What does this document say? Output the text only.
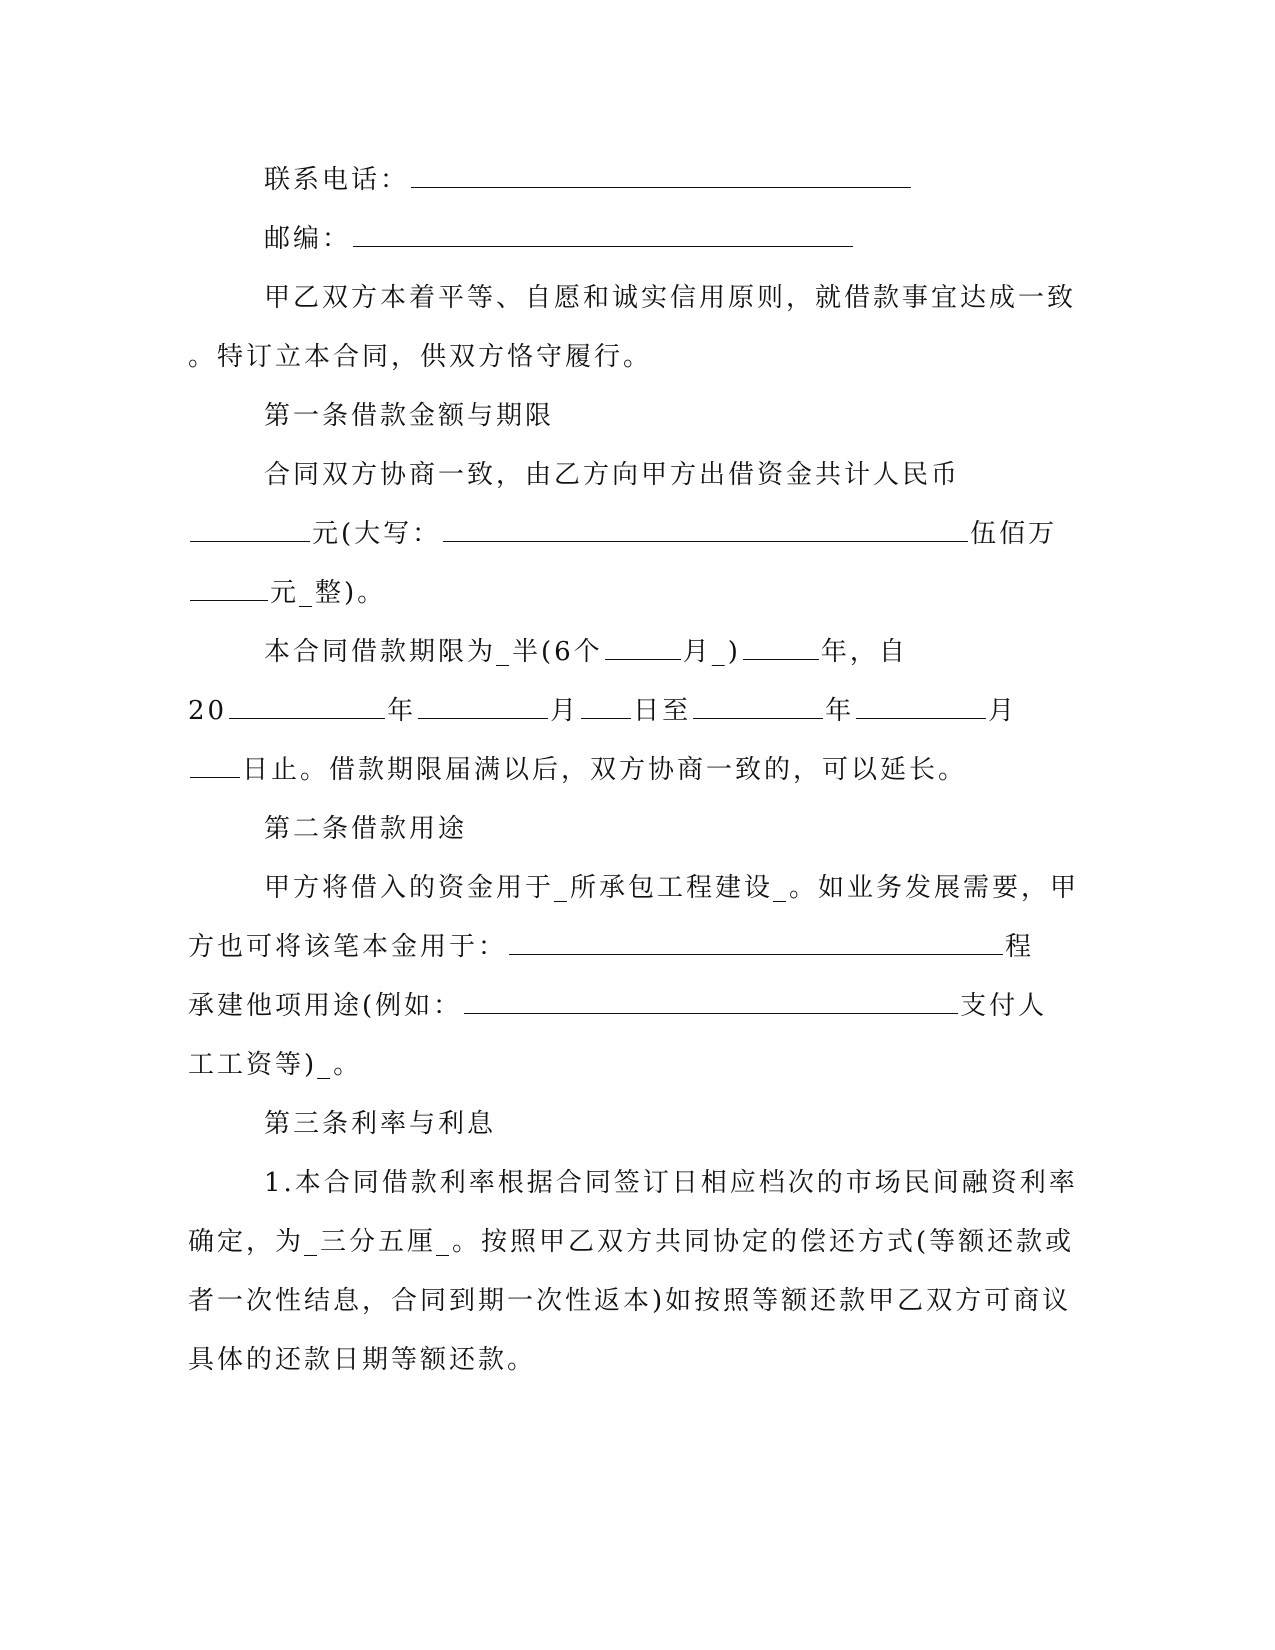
联系电话：
邮编：
甲乙双方本着平等、自愿和诚实信用原则，就借款事宜达成一致
。特订立本合同，供双方恪守履行。
第一条借款金额与期限
合同双方协商一致，由乙方向甲方出借资金共计人民币
元(大写：	伍佰万
元_整)。
本合同借款期限为_半(6个	月_)	年，自
20	年	月 日至	年	月
日止。借款期限届满以后，双方协商一致的，可以延长。
第二条借款用途
甲方将借入的资金用于_所承包工程建设_。如业务发展需要，甲
方也可将该笔本金用于：	程
承建他项用途(例如：	支付人
工工资等)_。
第三条利率与利息
1.本合同借款利率根据合同签订日相应档次的市场民间融资利率
确定，为_三分五厘_。按照甲乙双方共同协定的偿还方式(等额还款或
者一次性结息，合同到期一次性返本)如按照等额还款甲乙双方可商议
具体的还款日期等额还款。
